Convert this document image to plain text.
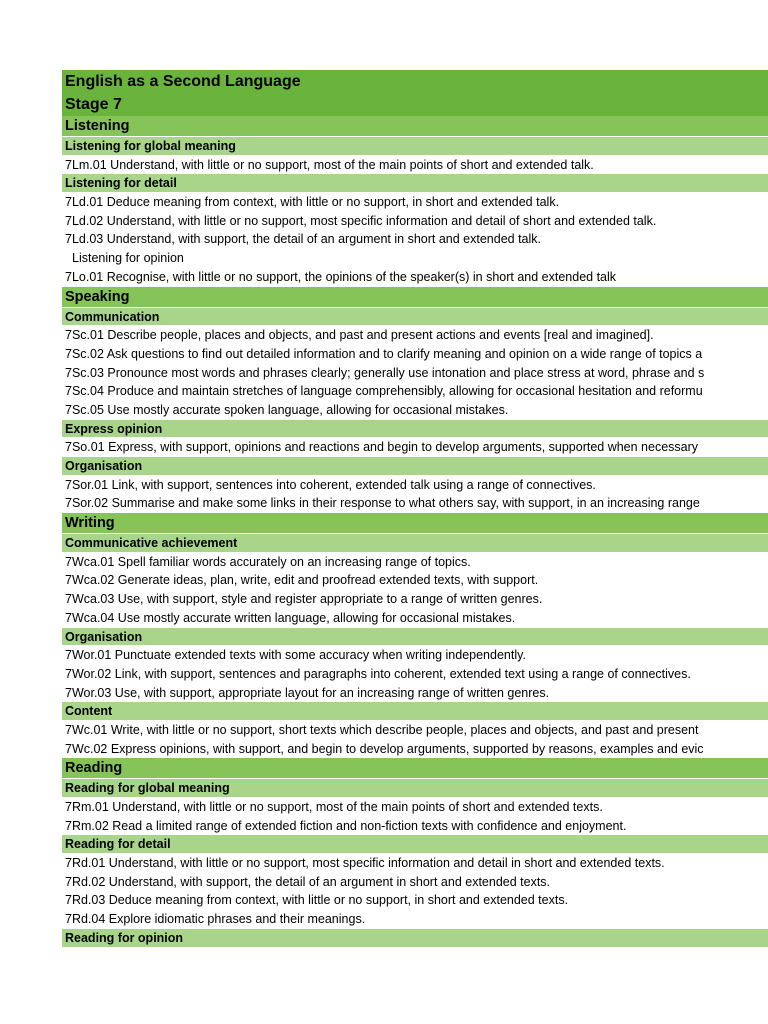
English as a Second Language
Stage 7
Listening
Listening for global meaning
7Lm.01 Understand, with little or no support, most of the main points of short and extended talk.
Listening for detail
7Ld.01 Deduce meaning from context, with little or no support, in short and extended talk.
7Ld.02 Understand, with little or no support, most specific information and detail of short and extended talk.
7Ld.03 Understand, with support, the detail of an argument in short and extended talk.
Listening for opinion
7Lo.01 Recognise, with little or no support, the opinions of the speaker(s) in short and extended talk
Speaking
Communication
7Sc.01 Describe people, places and objects, and past and present actions and events [real and imagined].
7Sc.02 Ask questions to find out detailed information and to clarify meaning and opinion on a wide range of topics a
7Sc.03 Pronounce most words and phrases clearly; generally use intonation and place stress at word, phrase and s
7Sc.04 Produce and maintain stretches of language comprehensibly, allowing for occasional hesitation and reformu
7Sc.05 Use mostly accurate spoken language, allowing for occasional mistakes.
Express opinion
7So.01 Express, with support, opinions and reactions and begin to develop arguments, supported when necessary
Organisation
7Sor.01 Link, with support, sentences into coherent, extended talk using a range of connectives.
7Sor.02 Summarise and make some links in their response to what others say, with support, in an increasing range
Writing
Communicative achievement
7Wca.01 Spell familiar words accurately on an increasing range of topics.
7Wca.02 Generate ideas, plan, write, edit and proofread extended texts, with support.
7Wca.03 Use, with support, style and register appropriate to a range of written genres.
7Wca.04 Use mostly accurate written language, allowing for occasional mistakes.
Organisation
7Wor.01 Punctuate extended texts with some accuracy when writing independently.
7Wor.02 Link, with support, sentences and paragraphs into coherent, extended text using a range of connectives.
7Wor.03 Use, with support, appropriate layout for an increasing range of written genres.
Content
7Wc.01 Write, with little or no support, short texts which describe people, places and objects, and past and present
7Wc.02 Express opinions, with support, and begin to develop arguments, supported by reasons, examples and evic
Reading
Reading for global meaning
7Rm.01 Understand, with little or no support, most of the main points of short and extended texts.
7Rm.02 Read a limited range of extended fiction and non-fiction texts with confidence and enjoyment.
Reading for detail
7Rd.01 Understand, with little or no support, most specific information and detail in short and extended texts.
7Rd.02 Understand, with support, the detail of an argument in short and extended texts.
7Rd.03 Deduce meaning from context, with little or no support, in short and extended texts.
7Rd.04 Explore idiomatic phrases and their meanings.
Reading for opinion
